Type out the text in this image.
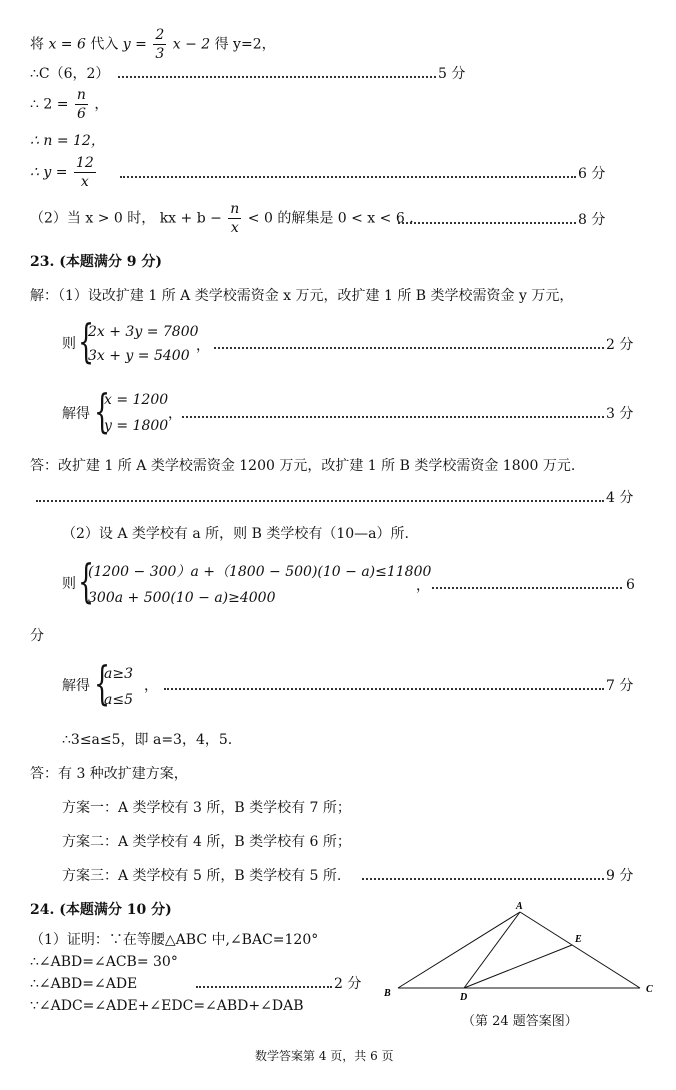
将 x = 6 代入 $y = \frac{2}{3}$ x − 2 得 y=2，
∴C（6，2）	5 分
∴ $2 = \frac{n}{6}$ ，
∴ n = 12，
∴ $y = \frac{12}{x}$	6 分
（2）当 x > 0 时， kx + $b - \frac{n}{x} < 0$ 的解集是 0 < x < 6 .	8 分
23. (本题满分 9 分)
解：（1）设改扩建 1 所 A 类学校需资金 x 万元，改扩建 1 所 B 类学校需资金 y 万元，
则 {
2x + 3y = 7800
3x + y = 5400
，	2 分
解得 {
x = 1200
y = 1800
，	3 分
答：改扩建 1 所 A 类学校需资金 1200 万元，改扩建 1 所 B 类学校需资金 1800 万元.
4 分
（2）设 A 类学校有 a 所，则 B 类学校有（10—a）所.
则 {
(1200 − 300）a +（1800 − 500)(10 − a)≤11800
300a + 500(10 − a)≥4000
，	6
分
解得 {
a≥3
a≤5
，	7 分
∴3≤a≤5，即 a=3，4，5.
答：有 3 种改扩建方案，
方案一：A 类学校有 3 所，B 类学校有 7 所；
方案二：A 类学校有 4 所，B 类学校有 6 所；
方案三：A 类学校有 5 所，B 类学校有 5 所.	9 分
24. (本题满分 10 分)
（1）证明：∵在等腰△ABC 中,∠BAC=120°
∴∠ABD=∠ACB= 30°
∴∠ABD=∠ADE	2 分
∵∠ADC=∠ADE+∠EDC=∠ABD+∠DAB
A
B	C
D
E
（第 24 题答案图）
数学答案第 4 页，共 6 页
